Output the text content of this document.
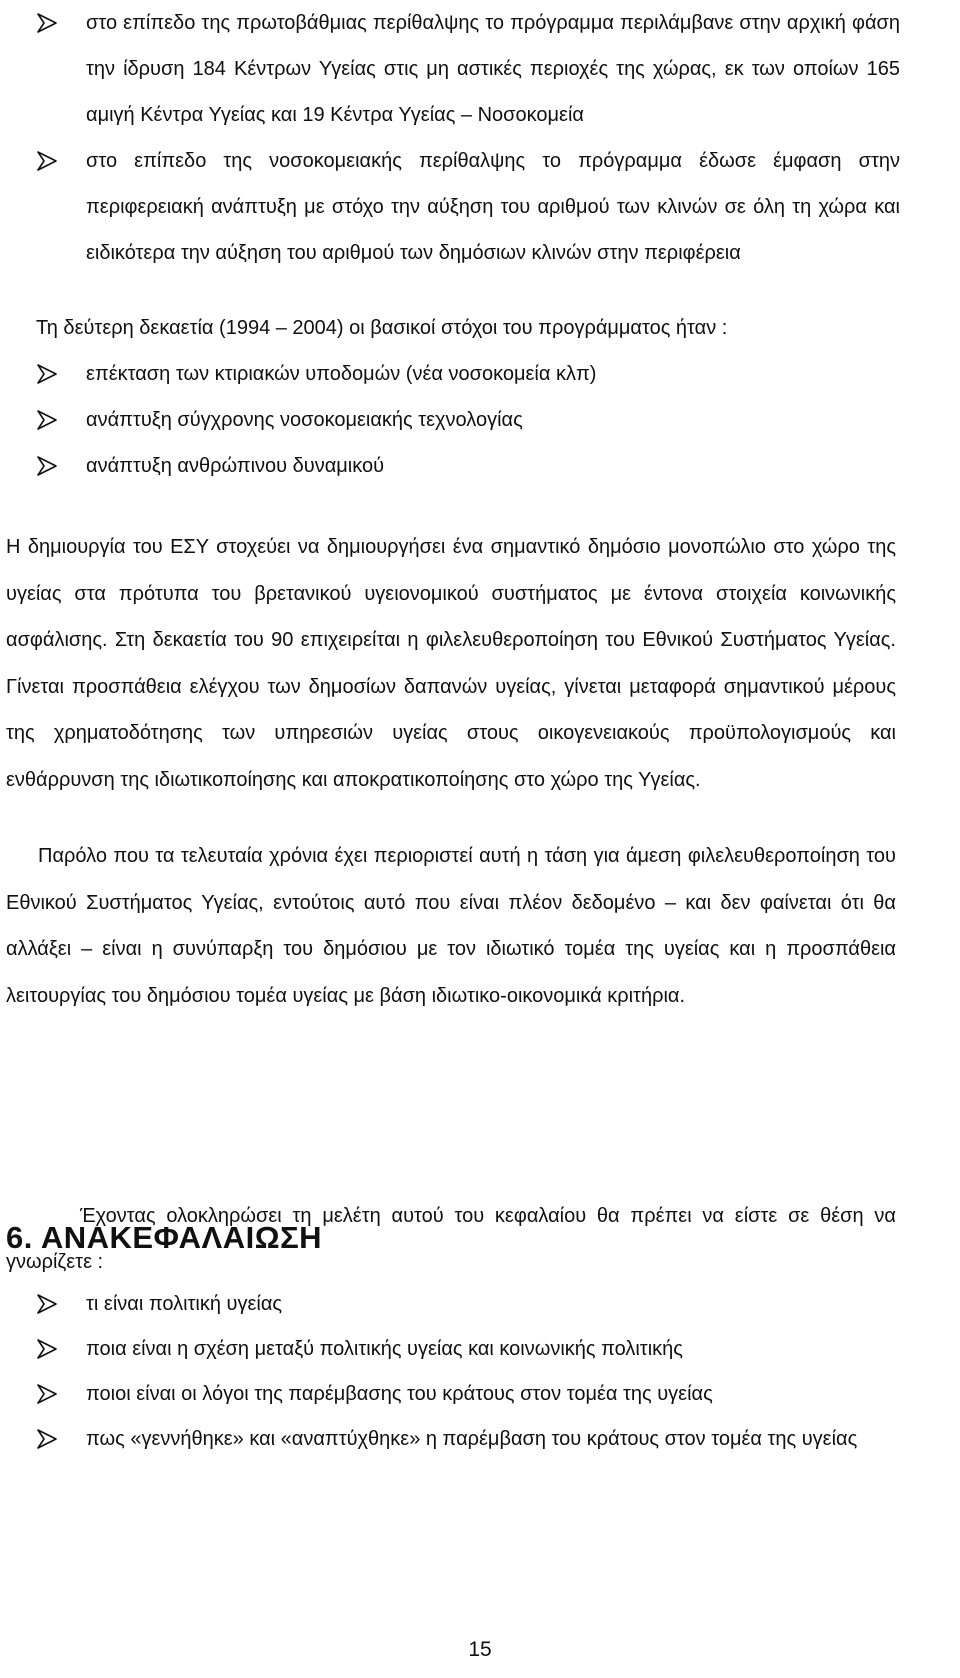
στο επίπεδο της πρωτοβάθμιας περίθαλψης το πρόγραμμα περιλάμβανε στην αρχική φάση την ίδρυση 184 Κέντρων Υγείας στις μη αστικές περιοχές της χώρας, εκ των οποίων 165 αμιγή Κέντρα Υγείας και 19 Κέντρα Υγείας – Νοσοκομεία
στο επίπεδο της νοσοκομειακής περίθαλψης το πρόγραμμα έδωσε έμφαση στην περιφερειακή ανάπτυξη με στόχο την αύξηση του αριθμού των κλινών σε όλη τη χώρα και ειδικότερα την αύξηση του αριθμού των δημόσιων κλινών στην περιφέρεια

Τη δεύτερη δεκαετία (1994 – 2004) οι βασικοί στόχοι του προγράμματος ήταν :

επέκταση των κτιριακών υποδομών (νέα νοσοκομεία κλπ)
ανάπτυξη σύγχρονης νοσοκομειακής τεχνολογίας
ανάπτυξη ανθρώπινου δυναμικού

Η δημιουργία του ΕΣΥ στοχεύει να δημιουργήσει ένα σημαντικό δημόσιο μονοπώλιο στο χώρο της υγείας στα πρότυπα του βρετανικού υγειονομικού συστήματος με έντονα στοιχεία κοινωνικής ασφάλισης. Στη δεκαετία του 90 επιχειρείται η φιλελευθεροποίηση του Εθνικού Συστήματος Υγείας. Γίνεται προσπάθεια ελέγχου των δημοσίων δαπανών υγείας, γίνεται μεταφορά σημαντικού μέρους της χρηματοδότησης των υπηρεσιών υγείας στους οικογενειακούς προϋπολογισμούς και ενθάρρυνση της ιδιωτικοποίησης και αποκρατικοποίησης στο χώρο της Υγείας.

Παρόλο που τα τελευταία χρόνια έχει περιοριστεί αυτή η τάση για άμεση φιλελευθεροποίηση του Εθνικού Συστήματος Υγείας, εντούτοις αυτό που είναι πλέον δεδομένο – και δεν φαίνεται ότι θα αλλάξει – είναι η συνύπαρξη του δημόσιου με τον ιδιωτικό τομέα της υγείας και η προσπάθεια λειτουργίας του δημόσιου τομέα υγείας με βάση ιδιωτικο-οικονομικά κριτήρια.

6. ΑΝΑΚΕΦΑΛΑΙΩΣΗ

Έχοντας ολοκληρώσει τη μελέτη αυτού του κεφαλαίου θα πρέπει να είστε σε θέση να γνωρίζετε :

τι είναι πολιτική υγείας
ποια είναι η σχέση μεταξύ πολιτικής υγείας και κοινωνικής πολιτικής
ποιοι είναι οι λόγοι της παρέμβασης του κράτους στον τομέα της υγείας
πως «γεννήθηκε» και «αναπτύχθηκε» η παρέμβαση του κράτους στον τομέα της υγείας
15
